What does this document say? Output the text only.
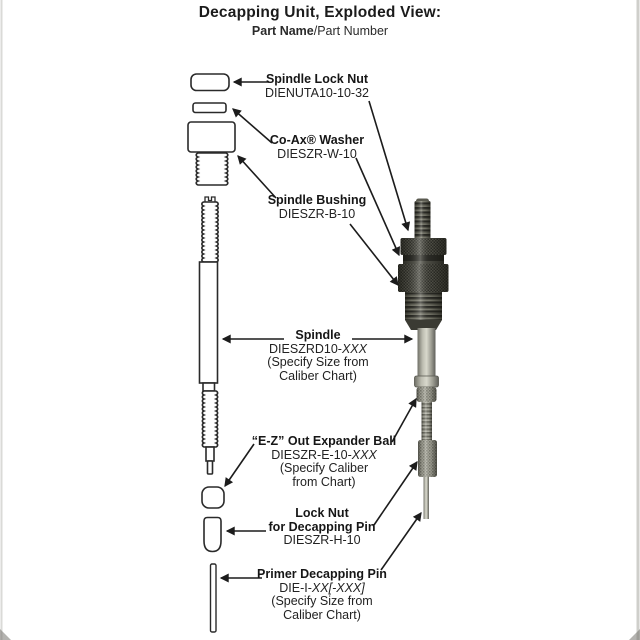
Decapping Unit, Exploded View:
Part Name/Part Number
Spindle Lock Nut
DIENUTA10-10-32
Co-Ax® Washer
DIESZR-W-10
Spindle Bushing
DIESZR-B-10
Spindle
DIESZRD10-XXX
(Specify Size from
Caliber Chart)
“E-Z” Out Expander Ball
DIESZR-E-10-XXX
(Specify Caliber
from Chart)
Lock Nut
for Decapping Pin
DIESZR-H-10
Primer Decapping Pin
DIE-I-XX[-XXX]
(Specify Size from
Caliber Chart)
